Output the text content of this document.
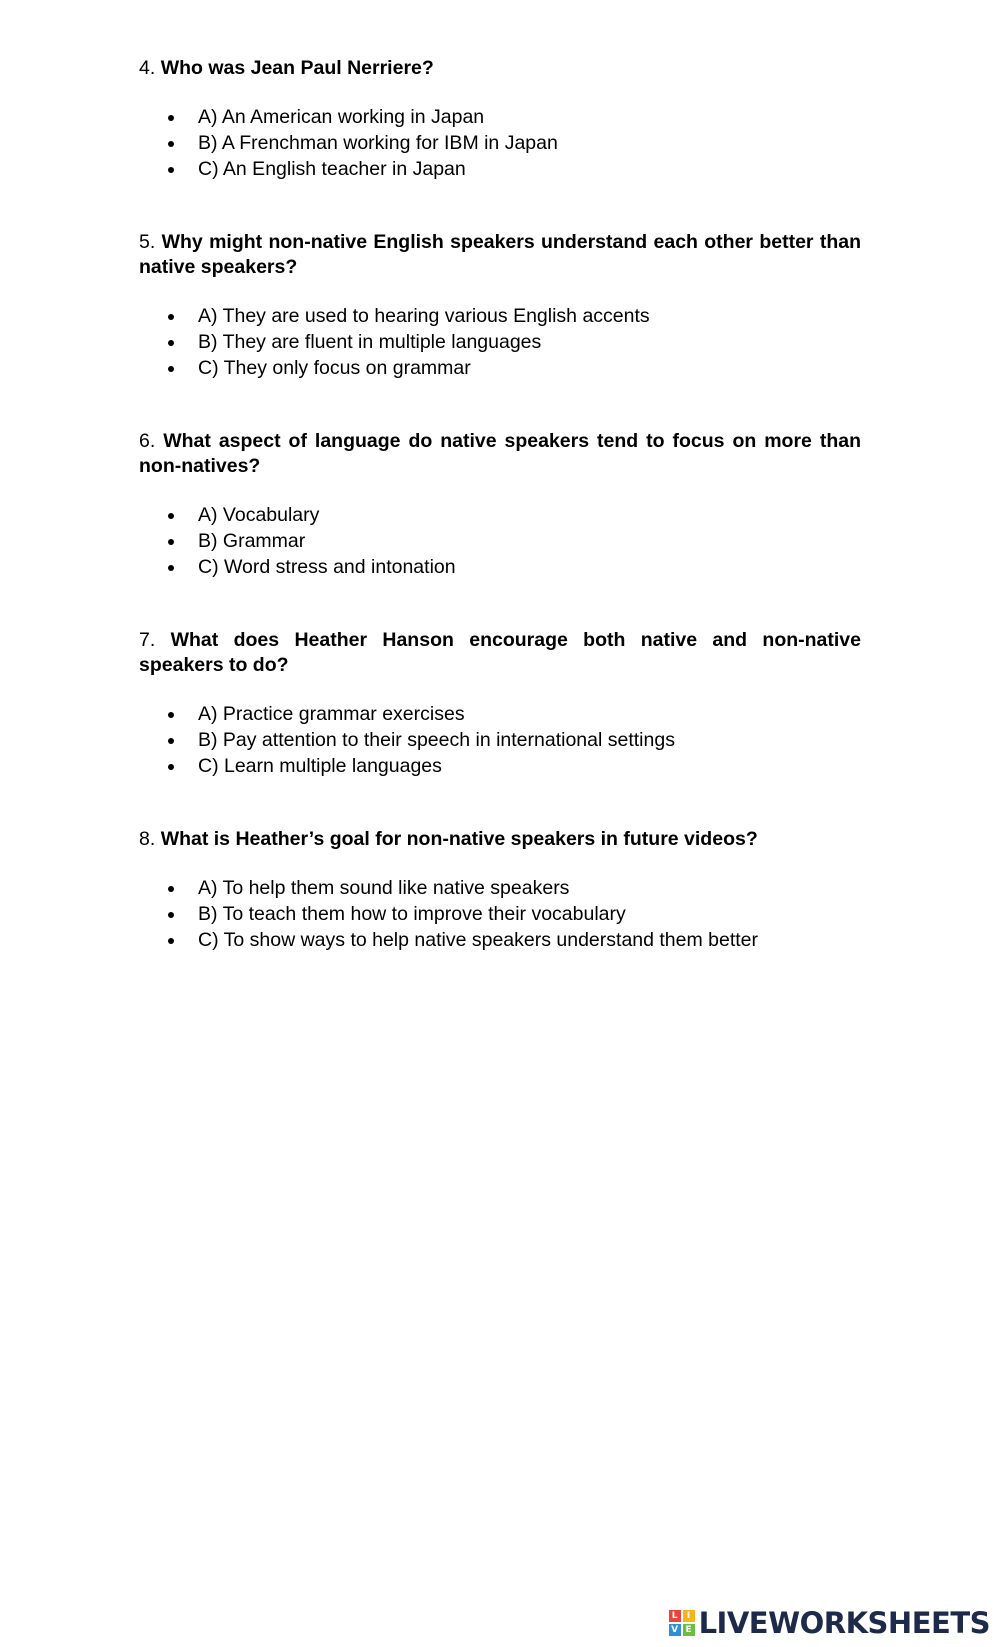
4. Who was Jean Paul Nerriere?

A) An American working in Japan
B) A Frenchman working for IBM in Japan
C) An English teacher in Japan

5. Why might non-native English speakers understand each other better than native speakers?

A) They are used to hearing various English accents
B) They are fluent in multiple languages
C) They only focus on grammar

6. What aspect of language do native speakers tend to focus on more than non-natives?

A) Vocabulary
B) Grammar
C) Word stress and intonation

7. What does Heather Hanson encourage both native and non-native speakers to do?

A) Practice grammar exercises
B) Pay attention to their speech in international settings
C) Learn multiple languages

8. What is Heather’s goal for non-native speakers in future videos?

A) To help them sound like native speakers
B) To teach them how to improve their vocabulary
C) To show ways to help native speakers understand them better
L	I
V E LIVEWORKSHEETS
